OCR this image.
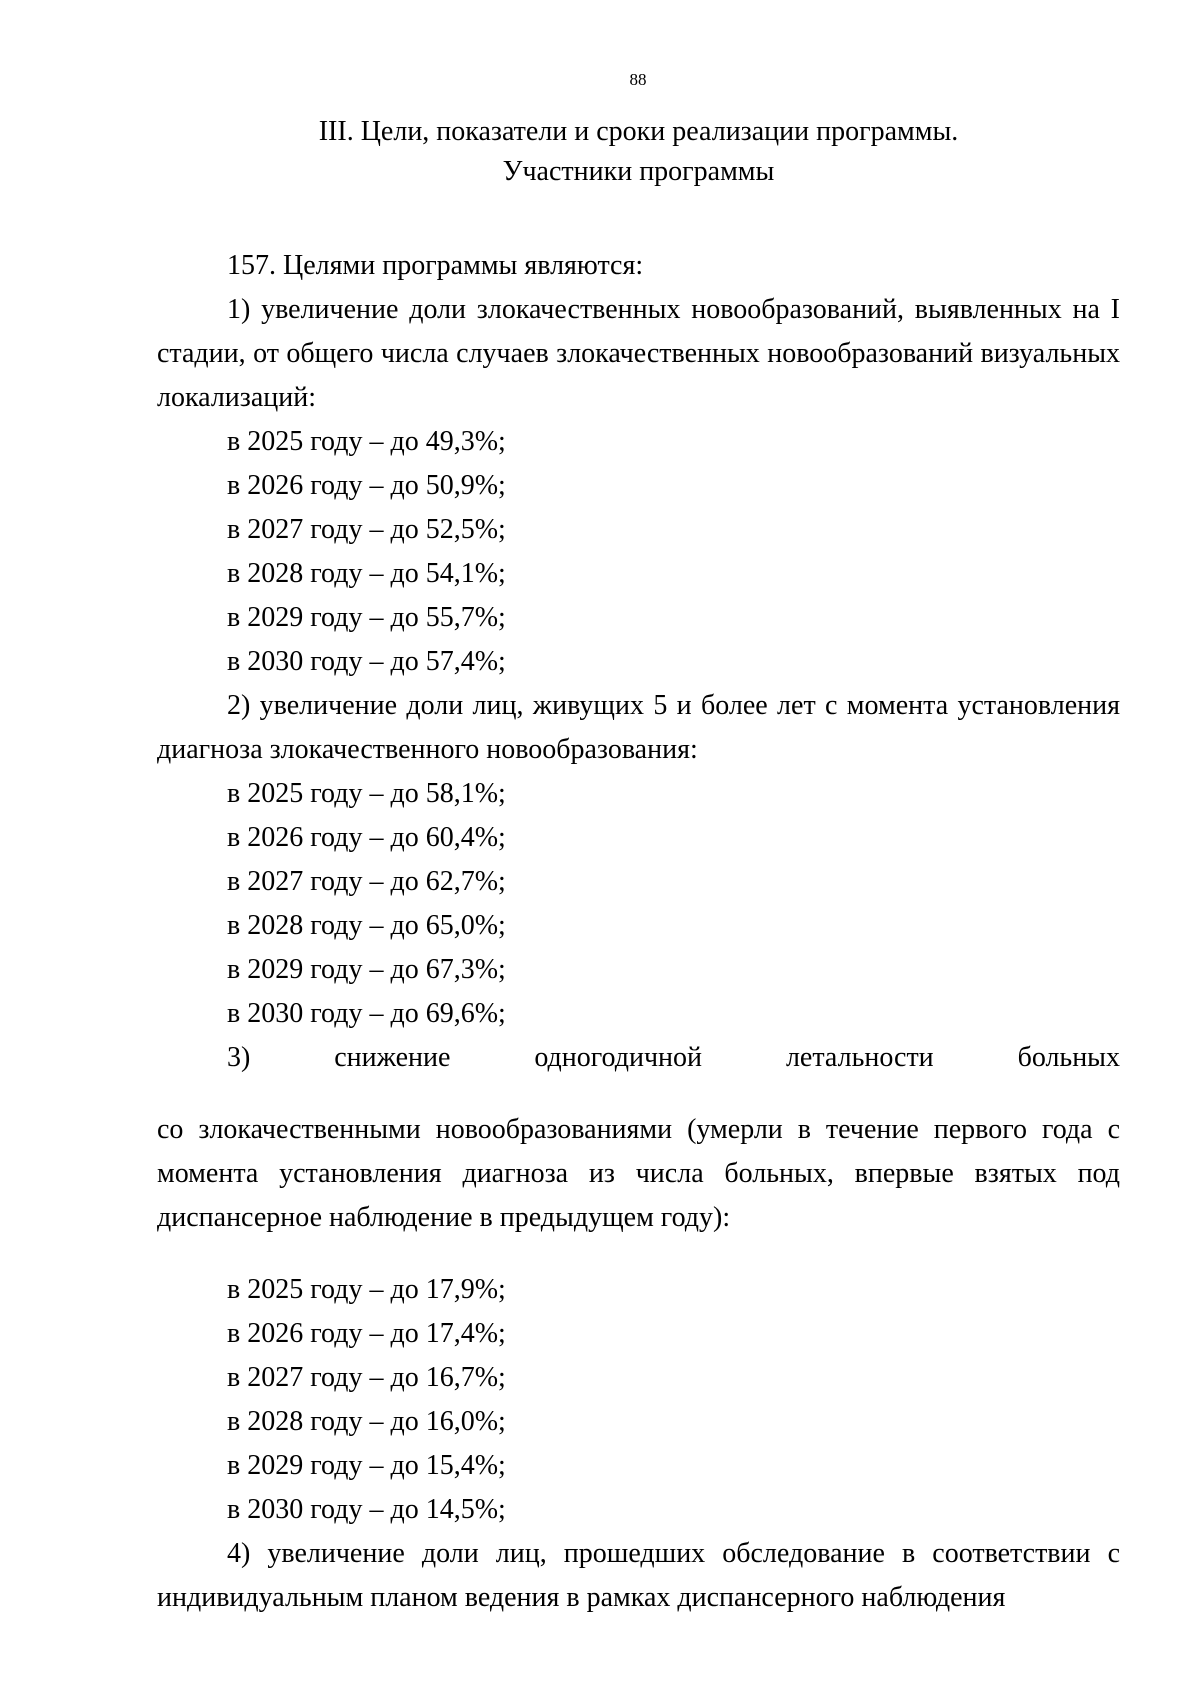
88
III. Цели, показатели и сроки реализации программы.
Участники программы

157. Целями программы являются:

1) увеличение доли злокачественных новообразований, выявленных на I стадии, от общего числа случаев злокачественных новообразований визуальных локализаций:

в 2025 году – до 49,3%;

в 2026 году – до 50,9%;

в 2027 году – до 52,5%;

в 2028 году – до 54,1%;

в 2029 году – до 55,7%;

в 2030 году – до 57,4%;

2) увеличение доли лиц, живущих 5 и более лет с момента установления диагноза злокачественного новообразования:

в 2025 году – до 58,1%;

в 2026 году – до 60,4%;

в 2027 году – до 62,7%;

в 2028 году – до 65,0%;

в 2029 году – до 67,3%;

в 2030 году – до 69,6%;

3)	снижение	одногодичной	летальности	больных

со злокачественными новообразованиями (умерли в течение первого года с момента установления диагноза из числа больных, впервые взятых под диспансерное наблюдение в предыдущем году):

в 2025 году – до 17,9%;

в 2026 году – до 17,4%;

в 2027 году – до 16,7%;

в 2028 году – до 16,0%;

в 2029 году – до 15,4%;

в 2030 году – до 14,5%;

4) увеличение доли лиц, прошедших обследование в соответствии с индивидуальным планом ведения в рамках диспансерного наблюдения
